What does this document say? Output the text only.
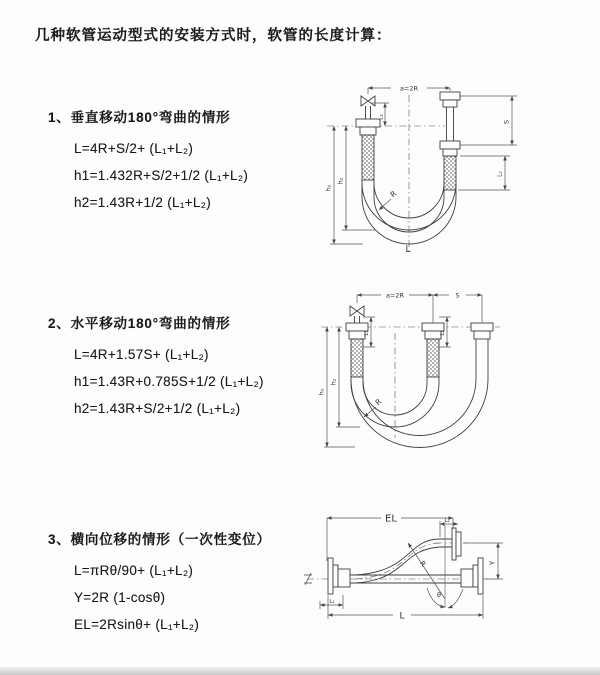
几种软管运动型式的安装方式时，软管的长度计算：
1、垂直移动180°弯曲的情形
L=4R+S/2+ (L₁+L₂)
h1=1.432R+S/2+1/2 (L₁+L₂)
h2=1.43R+1/2 (L₁+L₂)
2、水平移动180°弯曲的情形
L=4R+1.57S+ (L₁+L₂)
h1=1.43R+0.785S+1/2 (L₁+L₂)
h2=1.43R+S/2+1/2 (L₁+L₂)
3、横向位移的情形（一次性变位）
L=πRθ/90+ (L₁+L₂)
Y=2R (1-cosθ)
EL=2Rsinθ+ (L₁+L₂)
a=2R
L₁
S
L₂
h₁
h₂
R
L
a=2R	S
L₁	L₂
h₁
h₂
R
EL	L₂
Y
R
θ
L
L₁
